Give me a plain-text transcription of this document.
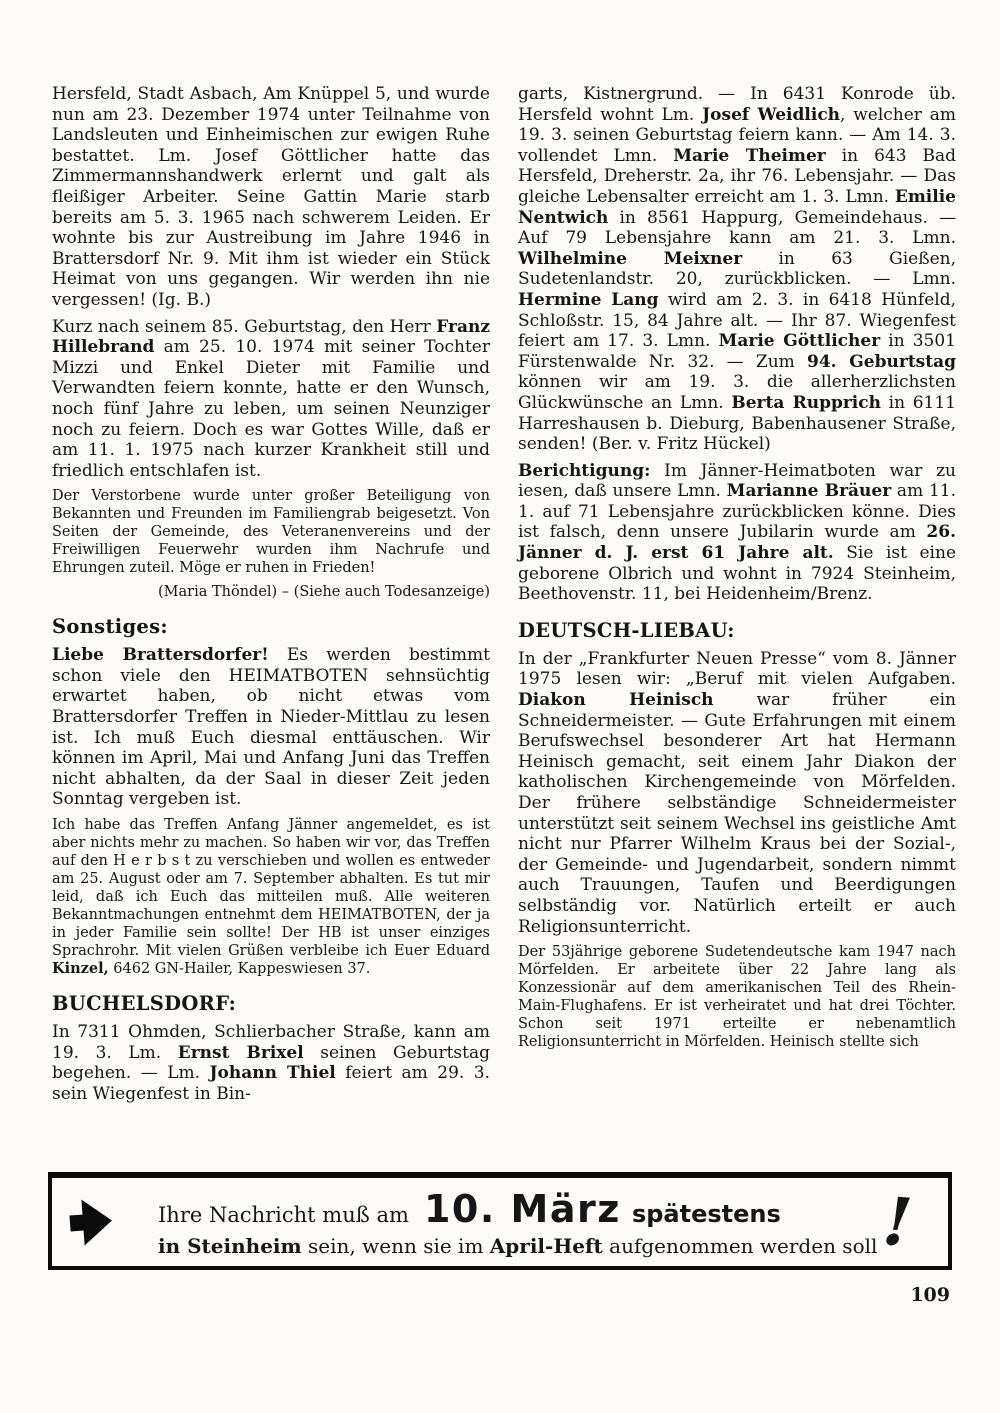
Hersfeld, Stadt Asbach, Am Knüppel 5, und wurde nun am 23. Dezember 1974 unter Teilnahme von Landsleuten und Einheimischen zur ewigen Ruhe bestattet. Lm. Josef Göttlicher hatte das Zimmermannshandwerk erlernt und galt als fleißiger Arbeiter. Seine Gattin Marie starb bereits am 5. 3. 1965 nach schwerem Leiden. Er wohnte bis zur Austreibung im Jahre 1946 in Brattersdorf Nr. 9. Mit ihm ist wieder ein Stück Heimat von uns gegangen. Wir werden ihn nie vergessen! (Ig. B.)

Kurz nach seinem 85. Geburtstag, den Herr Franz Hillebrand am 25. 10. 1974 mit seiner Tochter Mizzi und Enkel Dieter mit Familie und Verwandten feiern konnte, hatte er den Wunsch, noch fünf Jahre zu leben, um seinen Neunziger noch zu feiern. Doch es war Gottes Wille, daß er am 11. 1. 1975 nach kurzer Krankheit still und friedlich entschlafen ist.

Der Verstorbene wurde unter großer Beteiligung von Bekannten und Freunden im Familiengrab beigesetzt. Von Seiten der Gemeinde, des Veteranenvereins und der Freiwilligen Feuerwehr wurden ihm Nachrufe und Ehrungen zuteil. Möge er ruhen in Frieden!

(Maria Thöndel) – (Siehe auch Todesanzeige)
Sonstiges:

Liebe Brattersdorfer! Es werden bestimmt schon viele den HEIMATBOTEN sehnsüchtig erwartet haben, ob nicht etwas vom Brattersdorfer Treffen in Nieder-Mittlau zu lesen ist. Ich muß Euch diesmal enttäuschen. Wir können im April, Mai und Anfang Juni das Treffen nicht abhalten, da der Saal in dieser Zeit jeden Sonntag vergeben ist.

Ich habe das Treffen Anfang Jänner angemeldet, es ist aber nichts mehr zu machen. So haben wir vor, das Treffen auf den H e r b s t zu verschieben und wollen es entweder am 25. August oder am 7. September abhalten. Es tut mir leid, daß ich Euch das mitteilen muß. Alle weiteren Bekanntmachungen entnehmt dem HEIMATBOTEN, der ja in jeder Familie sein sollte! Der HB ist unser einziges Sprachrohr. Mit vielen Grüßen verbleibe ich Euer Eduard Kinzel, 6462 GN-Hailer, Kappeswiesen 37.

BUCHELSDORF:

In 7311 Ohmden, Schlierbacher Straße, kann am 19. 3. Lm. Ernst Brixel seinen Geburtstag begehen. — Lm. Johann Thiel feiert am 29. 3. sein Wiegenfest in Bin-

garts, Kistnergrund. — In 6431 Konrode üb. Hersfeld wohnt Lm. Josef Weidlich, welcher am 19. 3. seinen Geburtstag feiern kann. — Am 14. 3. vollendet Lmn. Marie Theimer in 643 Bad Hersfeld, Dreherstr. 2a, ihr 76. Lebensjahr. — Das gleiche Lebensalter erreicht am 1. 3. Lmn. Emilie Nentwich in 8561 Happurg, Gemeindehaus. — Auf 79 Lebensjahre kann am 21. 3. Lmn. Wilhelmine Meixner in 63 Gießen, Sudetenlandstr. 20, zurückblicken. — Lmn. Hermine Lang wird am 2. 3. in 6418 Hünfeld, Schloßstr. 15, 84 Jahre alt. — Ihr 87. Wiegenfest feiert am 17. 3. Lmn. Marie Göttlicher in 3501 Fürstenwalde Nr. 32. — Zum 94. Geburtstag können wir am 19. 3. die allerherzlichsten Glückwünsche an Lmn. Berta Rupprich in 6111 Harreshausen b. Dieburg, Babenhausener Straße, senden! (Ber. v. Fritz Hückel)

Berichtigung: Im Jänner-Heimatboten war zu iesen, daß unsere Lmn. Marianne Bräuer am 11. 1. auf 71 Lebensjahre zurückblicken könne. Dies ist falsch, denn unsere Jubilarin wurde am 26. Jänner d. J. erst 61 Jahre alt. Sie ist eine geborene Olbrich und wohnt in 7924 Steinheim, Beethovenstr. 11, bei Heidenheim/Brenz.

DEUTSCH-LIEBAU:

In der „Frankfurter Neuen Presse“ vom 8. Jänner 1975 lesen wir: „Beruf mit vielen Aufgaben. Diakon Heinisch war früher ein Schneidermeister. — Gute Erfahrungen mit einem Berufswechsel besonderer Art hat Hermann Heinisch gemacht, seit einem Jahr Diakon der katholischen Kirchengemeinde von Mörfelden. Der frühere selbständige Schneidermeister unterstützt seit seinem Wechsel ins geistliche Amt nicht nur Pfarrer Wilhelm Kraus bei der Sozial-, der Gemeinde- und Jugendarbeit, sondern nimmt auch Trauungen, Taufen und Beerdigungen selbständig vor. Natürlich erteilt er auch Religionsunterricht.

Der 53jährige geborene Sudetendeutsche kam 1947 nach Mörfelden. Er arbeitete über 22 Jahre lang als Konzessionär auf dem amerikanischen Teil des Rhein-Main-Flughafens. Er ist verheiratet und hat drei Töchter. Schon seit 1971 erteilte er nebenamtlich Religionsunterricht in Mörfelden. Heinisch stellte sich

Ihre Nachricht muß am 10. März spätestens
in Steinheim sein, wenn sie im April-Heft aufgenommen werden soll !
109
